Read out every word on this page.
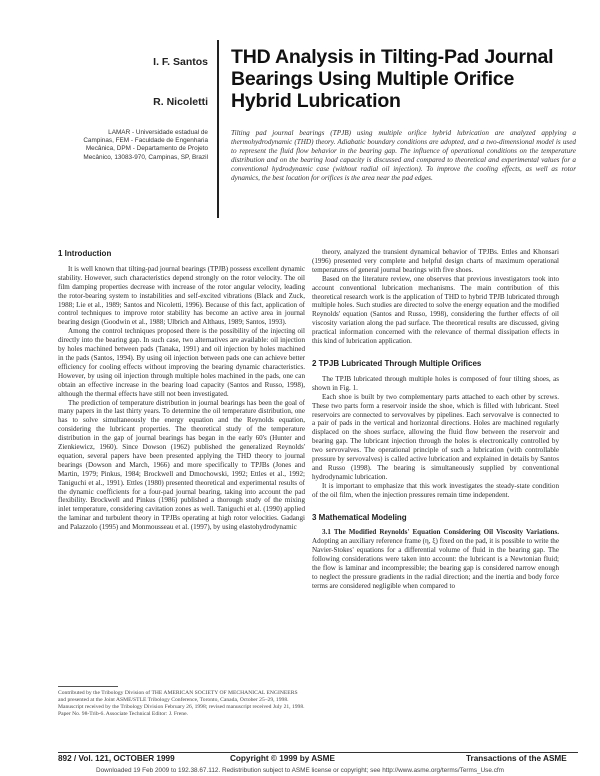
I. F. Santos
R. Nicoletti
LAMAR - Universidade estadual de Campinas, FEM - Faculdade de Engenharia Mecânica, DPM - Departamento de Projeto Mecânico, 13083-970, Campinas, SP, Brazil
THD Analysis in Tilting-Pad Journal Bearings Using Multiple Orifice Hybrid Lubrication
Tilting pad journal bearings (TPJB) using multiple orifice hybrid lubrication are analyzed applying a thermohydrodynamic (THD) theory. Adiabatic boundary conditions are adopted, and a two-dimensional model is used to represent the fluid flow behavior in the bearing gap. The influence of operational conditions on the temperature distribution and on the bearing load capacity is discussed and compared to theoretical and experimental values for a conventional hydrodynamic case (without radial oil injection). To improve the cooling effects, as well as rotor dynamics, the best location for orifices is the area near the pad edges.
1 Introduction

It is well known that tilting-pad journal bearings (TPJB) possess excellent dynamic stability. However, such characteristics depend strongly on the rotor velocity. The oil film damping properties decrease with increase of the rotor angular velocity, leading the rotor-bearing system to instabilities and self-excited vibrations (Black and Zuck, 1988; Lie et al., 1989; Santos and Nicoletti, 1996). Because of this fact, application of control techniques to improve rotor stability has become an active area in journal bearing design (Goodwin et al., 1988; Ulbrich and Althaus, 1989; Santos, 1993).

Among the control techniques proposed there is the possibility of the injecting oil directly into the bearing gap. In such case, two alternatives are available: oil injection by holes machined between pads (Tanaka, 1991) and oil injection by holes machined in the pads (Santos, 1994). By using oil injection between pads one can achieve better efficiency for cooling effects without improving the bearing dynamic characteristics. However, by using oil injection through multiple holes machined in the pads, one can obtain an effective increase in the bearing load capacity (Santos and Russo, 1998), although the thermal effects have still not been investigated.

The prediction of temperature distribution in journal bearings has been the goal of many papers in the last thirty years. To determine the oil temperature distribution, one has to solve simultaneously the energy equation and the Reynolds equation, considering the lubricant properties. The theoretical study of the temperature distribution in the gap of journal bearings has began in the early 60's (Hunter and Zienkiewicz, 1960). Since Dowson (1962) published the generalized Reynolds' equation, several papers have been presented applying the THD theory to journal bearings (Dowson and March, 1966) and more specifically to TPJBs (Jones and Martin, 1979; Pinkus, 1984; Brockwell and Dmochowski, 1992; Ettles et al., 1992; Taniguchi et al., 1991). Ettles (1980) presented theoretical and experimental results of the dynamic coefficients for a four-pad journal bearing, taking into account the pad flexibility. Brockwell and Pinkus (1986) published a thorough study of the mixing inlet temperature, considering cavitation zones as well. Taniguchi et al. (1990) applied the laminar and turbulent theory in TPJBs operating at high rotor velocities. Gadangi and Palazzolo (1995) and Monmousseau et al. (1997), by using elastohydrodynamic

theory, analyzed the transient dynamical behavior of TPJBs. Ettles and Khonsari (1996) presented very complete and helpful design charts of maximum operational temperatures of general journal bearings with five shoes.

Based on the literature review, one observes that previous investigators took into account conventional lubrication mechanisms. The main contribution of this theoretical research work is the application of THD to hybrid TPJB lubricated through multiple holes. Such studies are directed to solve the energy equation and the modified Reynolds' equation (Santos and Russo, 1998), considering the further effects of oil viscosity variation along the pad surface. The theoretical results are discussed, giving practical information concerned with the relevance of thermal dissipation effects in this kind of lubrication application.

2 TPJB Lubricated Through Multiple Orifices

The TPJB lubricated through multiple holes is composed of four tilting shoes, as shown in Fig. 1.

Each shoe is built by two complementary parts attached to each other by screws. These two parts form a reservoir inside the shoe, which is filled with lubricant. Steel reservoirs are connected to servovalves by pipelines. Each servovalve is connected to a pair of pads in the vertical and horizontal directions. Holes are machined regularly displaced on the shoes surface, allowing the fluid flow between the reservoir and bearing gap. The lubricant injection through the holes is electronically controlled by two servovalves. The operational principle of such a lubrication (with controllable pressure by servovalves) is called active lubrication and explained in details by Santos and Russo (1998). The bearing is simultaneously supplied by conventional hydrodynamic lubrication.

It is important to emphasize that this work investigates the steady-state condition of the oil film, when the injection pressures remain time independent.

3 Mathematical Modeling

3.1 The Modified Reynolds' Equation Considering Oil Viscosity Variations. Adopting an auxiliary reference frame (η, ξ) fixed on the pad, it is possible to write the Navier-Stokes' equations for a differential volume of fluid in the bearing gap. The following considerations were taken into account: the lubricant is a Newtonian fluid; the flow is laminar and incompressible; the bearing gap is considered narrow enough to neglect the pressure gradients in the radial direction; and the inertia and body force terms are considered negligible when compared to

Contributed by the Tribology Division of THE AMERICAN SOCIETY OF MECHANICAL ENGINEERS and presented at the Joint ASME/STLE Tribology Conference, Toronto, Canada, October 25–29, 1998. Manuscript received by the Tribology Division February 26, 1998; revised manuscript received July 21, 1998. Paper No. 98-Trib-6. Associate Technical Editor: J. Frene.
892 / Vol. 121, OCTOBER 1999	Copyright © 1999 by ASME	Transactions of the ASME
Downloaded 19 Feb 2009 to 192.38.67.112. Redistribution subject to ASME license or copyright; see http://www.asme.org/terms/Terms_Use.cfm
